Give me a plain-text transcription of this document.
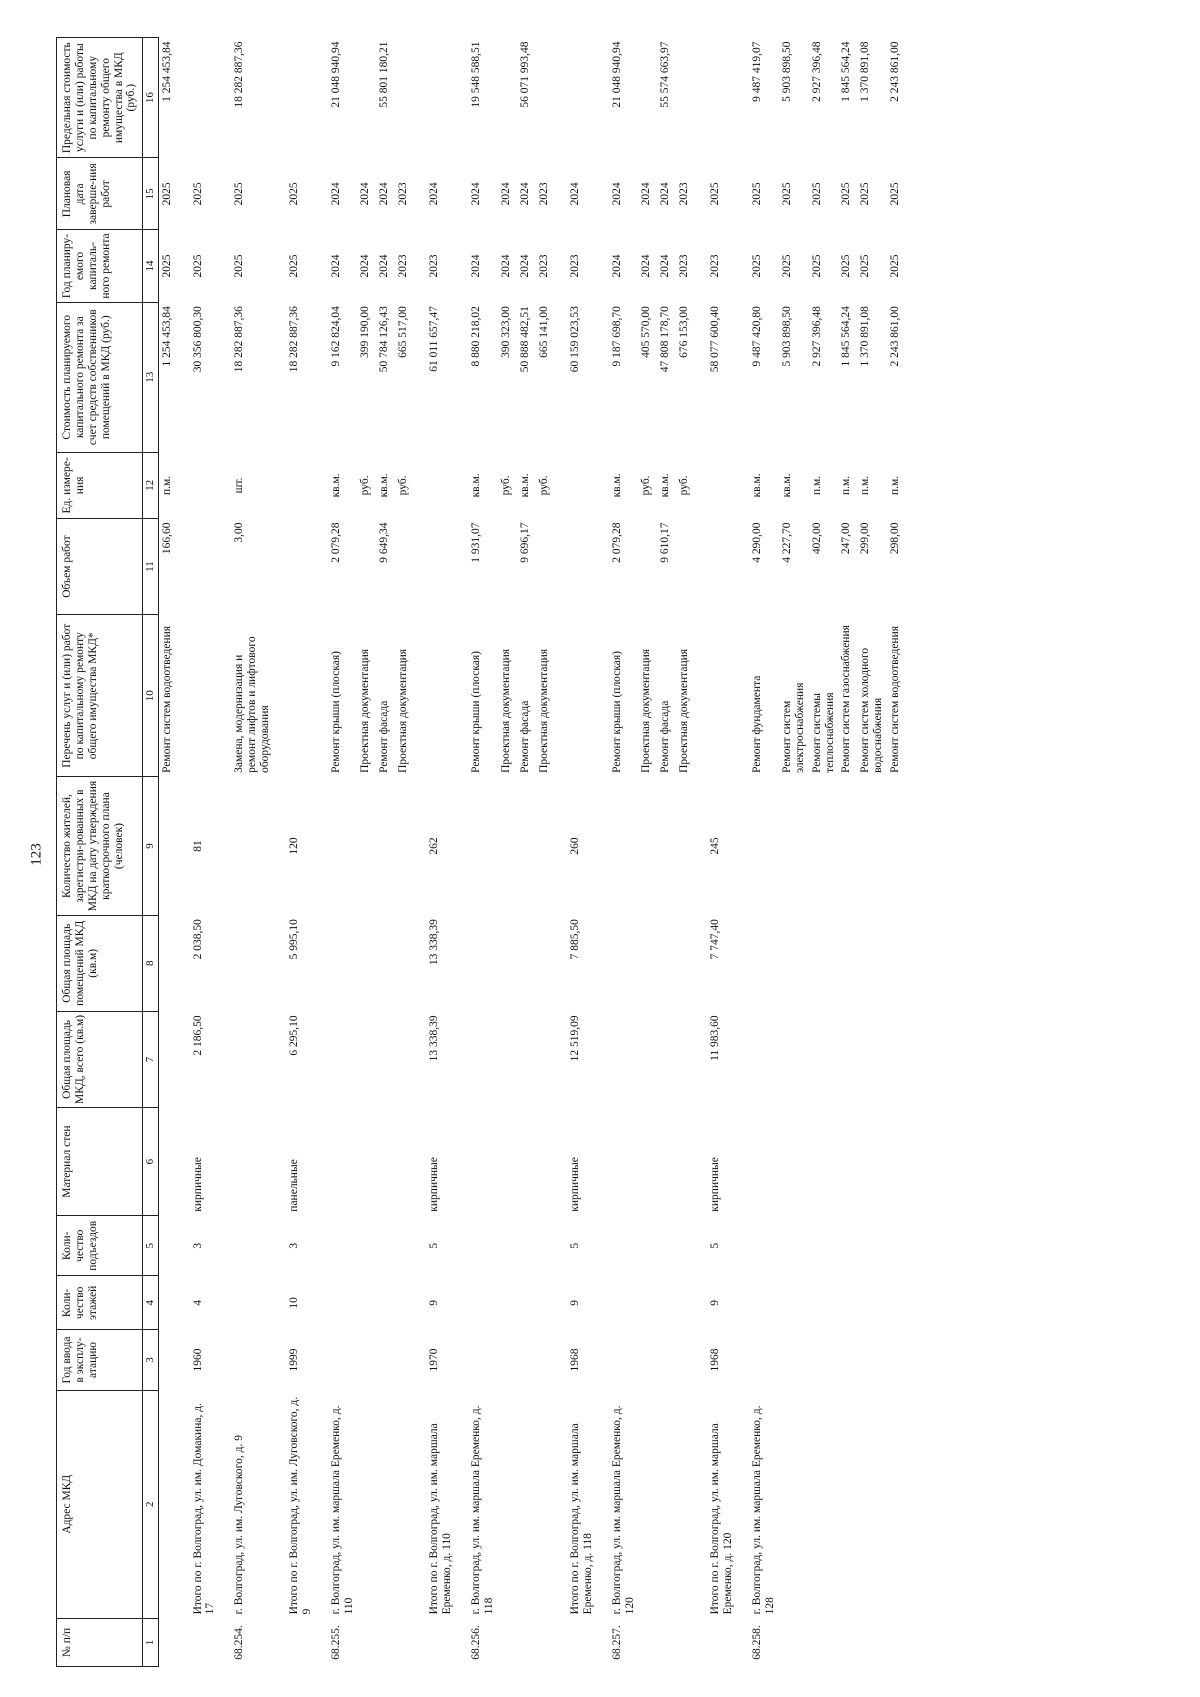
123
№ п/п	Адрес МКД	Год ввода в эксплу-атацию	Коли-чество этажей	Коли-чество подъездов	Материал стен	Общая площадь МКД, всего (кв.м)	Общая площадь помещений МКД (кв.м)	Количество жителей, зарегистри-рованных в МКД на дату утверждения краткосрочного плана (человек)	Перечень услуг и (или) работ по капитальному ремонту общего имущества МКД*	Объем работ	Ед. измере-ния	Стоимость планируемого капитального ремонта за счет средств собственников помещений в МКД (руб.)	Год планиру-емого капиталь-ного ремонта	Плановая дата заверше-ния работ	Предельная стоимость услуги и (или) работы по капитальному ремонту общего имущества в МКД (руб.)
1	2	3	4	5	6	7	8	9	10	11	12	13	14	15	16
									Ремонт систем водоотведения	166,60	п.м.	1 254 453,84	2025	2025	1 254 453,84
	Итого по г. Волгоград, ул. им. Домакина, д. 17	1960	4	3	кирпичные	2 186,50	2 038,50	81				30 356 800,30	2025	2025	
68.254.	г. Волгоград, ул. им. Луговского, д. 9								Замена, модернизация и ремонт лифтов и лифтового оборудования	3,00	шт.	18 282 887,36	2025	2025	18 282 887,36
	Итого по г. Волгоград, ул. им. Луговского, д. 9	1999	10	3	панельные	6 295,10	5 995,10	120				18 282 887,36	2025	2025	
68.255.	г. Волгоград, ул. им. маршала Еременко, д. 110								Ремонт крыши (плоская)	2 079,28	кв.м.	9 162 824,04	2024	2024	21 048 940,94
									Проектная документация		руб.	399 190,00	2024	2024	
									Ремонт фасада	9 649,34	кв.м.	50 784 126,43	2024	2024	55 801 180,21
									Проектная документация		руб.	665 517,00	2023	2023	
	Итого по г. Волгоград, ул. им. маршала Еременко, д. 110	1970	9	5	кирпичные	13 338,39	13 338,39	262				61 011 657,47	2023	2024	
68.256.	г. Волгоград, ул. им. маршала Еременко, д. 118								Ремонт крыши (плоская)	1 931,07	кв.м.	8 880 218,02	2024	2024	19 548 588,51
									Проектная документация		руб.	390 323,00	2024	2024	
									Ремонт фасада	9 696,17	кв.м.	50 888 482,51	2024	2024	56 071 993,48
									Проектная документация		руб.	665 141,00	2023	2023	
	Итого по г. Волгоград, ул. им. маршала Еременко, д. 118	1968	9	5	кирпичные	12 519,09	7 885,50	260				60 159 023,53	2023	2024	
68.257.	г. Волгоград, ул. им. маршала Еременко, д. 120								Ремонт крыши (плоская)	2 079,28	кв.м.	9 187 698,70	2024	2024	21 048 940,94
									Проектная документация		руб.	405 570,00	2024	2024	
									Ремонт фасада	9 610,17	кв.м.	47 808 178,70	2024	2024	55 574 663,97
									Проектная документация		руб.	676 153,00	2023	2023	
	Итого по г. Волгоград, ул. им. маршала Еременко, д. 120	1968	9	5	кирпичные	11 983,60	7 747,40	245				58 077 600,40	2023	2025	
68.258.	г. Волгоград, ул. им. маршала Еременко, д. 128								Ремонт фундамента	4 290,00	кв.м.	9 487 420,80	2025	2025	9 487 419,07
									Ремонт систем электроснабжения	4 227,70	кв.м.	5 903 898,50	2025	2025	5 903 898,50
									Ремонт системы теплоснабжения	402,00	п.м.	2 927 396,48	2025	2025	2 927 396,48
									Ремонт систем газоснабжения	247,00	п.м.	1 845 564,24	2025	2025	1 845 564,24
									Ремонт систем холодного водоснабжения	299,00	п.м.	1 370 891,08	2025	2025	1 370 891,08
									Ремонт систем водоотведения	298,00	п.м.	2 243 861,00	2025	2025	2 243 861,00
